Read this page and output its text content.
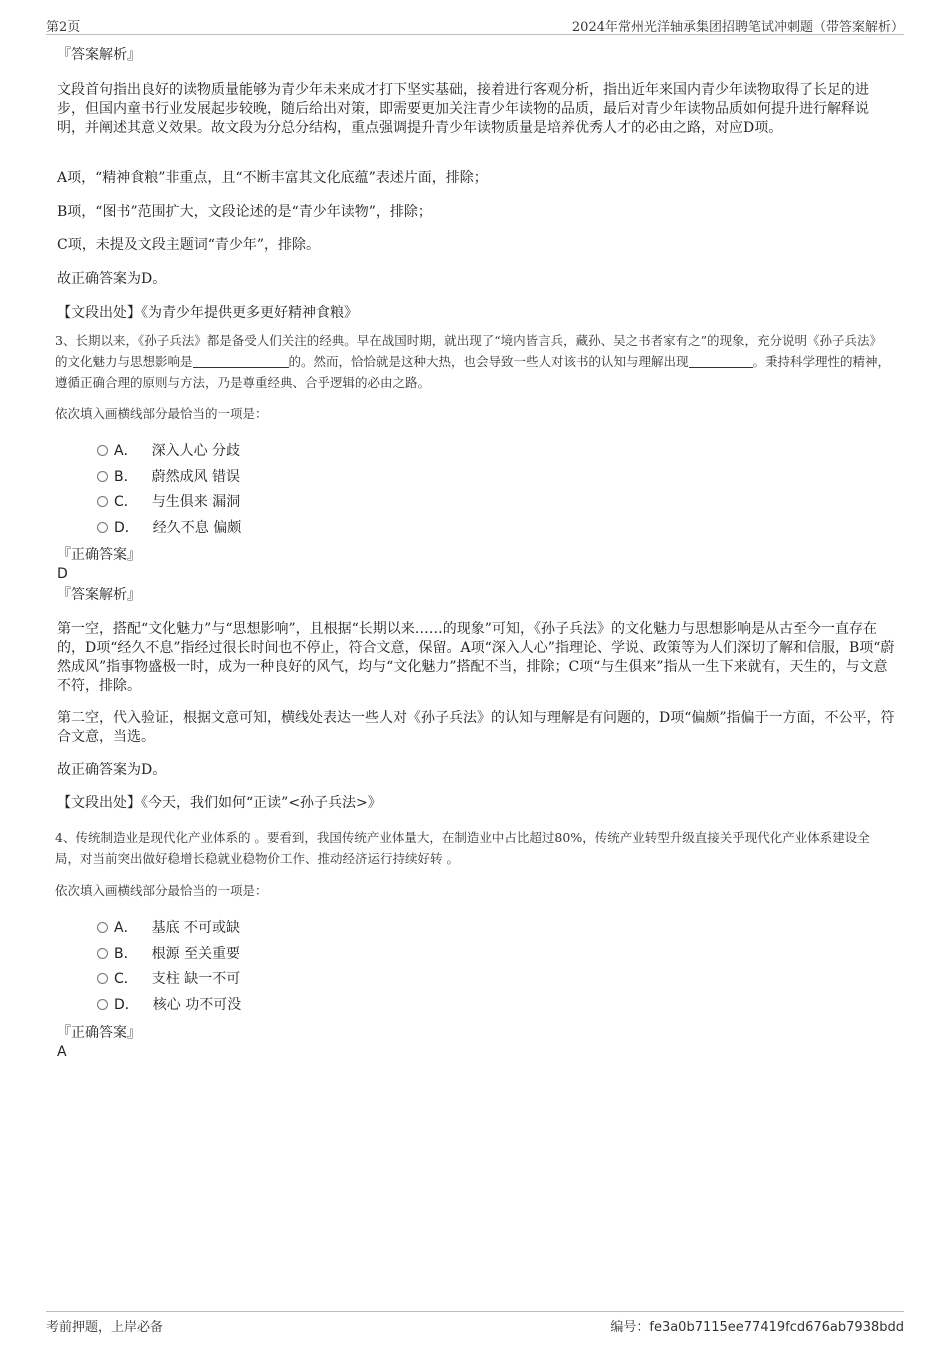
第2页	2024年常州光洋轴承集团招聘笔试冲刺题（带答案解析）
『答案解析』
文段首句指出良好的读物质量能够为青少年未来成才打下坚实基础，接着进行客观分析，指出近年来国内青少年读物取得了长足的进步，但国内童书行业发展起步较晚，随后给出对策，即需要更加关注青少年读物的品质，最后对青少年读物品质如何提升进行解释说明，并阐述其意义效果。故文段为分总分结构，重点强调提升青少年读物质量是培养优秀人才的必由之路，对应D项。
A项，“精神食粮”非重点，且“不断丰富其文化底蕴”表述片面，排除；
B项，“图书”范围扩大，文段论述的是“青少年读物”，排除；
C项，未提及文段主题词“青少年”，排除。
故正确答案为D。
【文段出处】《为青少年提供更多更好精神食粮》
3、长期以来，《孙子兵法》都是备受人们关注的经典。早在战国时期，就出现了“境内皆言兵，藏孙、吴之书者家有之”的现象，充分说明《孙子兵法》的文化魅力与思想影响是	的。然而，恰恰就是这种大热，也会导致一些人对该书的认知与理解出现	。秉持科学理性的精神，遵循正确合理的原则与方法，乃是尊重经典、合乎逻辑的必由之路。
依次填入画横线部分最恰当的一项是：
A． 深入人心 分歧
B． 蔚然成风 错误
C． 与生俱来 漏洞
D． 经久不息 偏颇
『正确答案』
D
『答案解析』
第一空，搭配“文化魅力”与“思想影响”，且根据“长期以来……的现象”可知，《孙子兵法》的文化魅力与思想影响是从古至今一直存在的，D项“经久不息”指经过很长时间也不停止，符合文意，保留。A项“深入人心”指理论、学说、政策等为人们深切了解和信服，B项“蔚然成风”指事物盛极一时，成为一种良好的风气，均与“文化魅力”搭配不当，排除；C项“与生俱来”指从一生下来就有，天生的，与文意不符，排除。
第二空，代入验证，根据文意可知，横线处表达一些人对《孙子兵法》的认知与理解是有问题的，D项“偏颇”指偏于一方面，不公平，符合文意，当选。
故正确答案为D。
【文段出处】《今天，我们如何“正读”<孙子兵法>》
4、传统制造业是现代化产业体系的 。要看到，我国传统产业体量大，在制造业中占比超过80%，传统产业转型升级直接关乎现代化产业体系建设全局，对当前突出做好稳增长稳就业稳物价工作、推动经济运行持续好转 。
依次填入画横线部分最恰当的一项是：
A． 基底 不可或缺
B． 根源 至关重要
C． 支柱 缺一不可
D． 核心 功不可没
『正确答案』
A
考前押题，上岸必备	编号：fe3a0b7115ee77419fcd676ab7938bdd
